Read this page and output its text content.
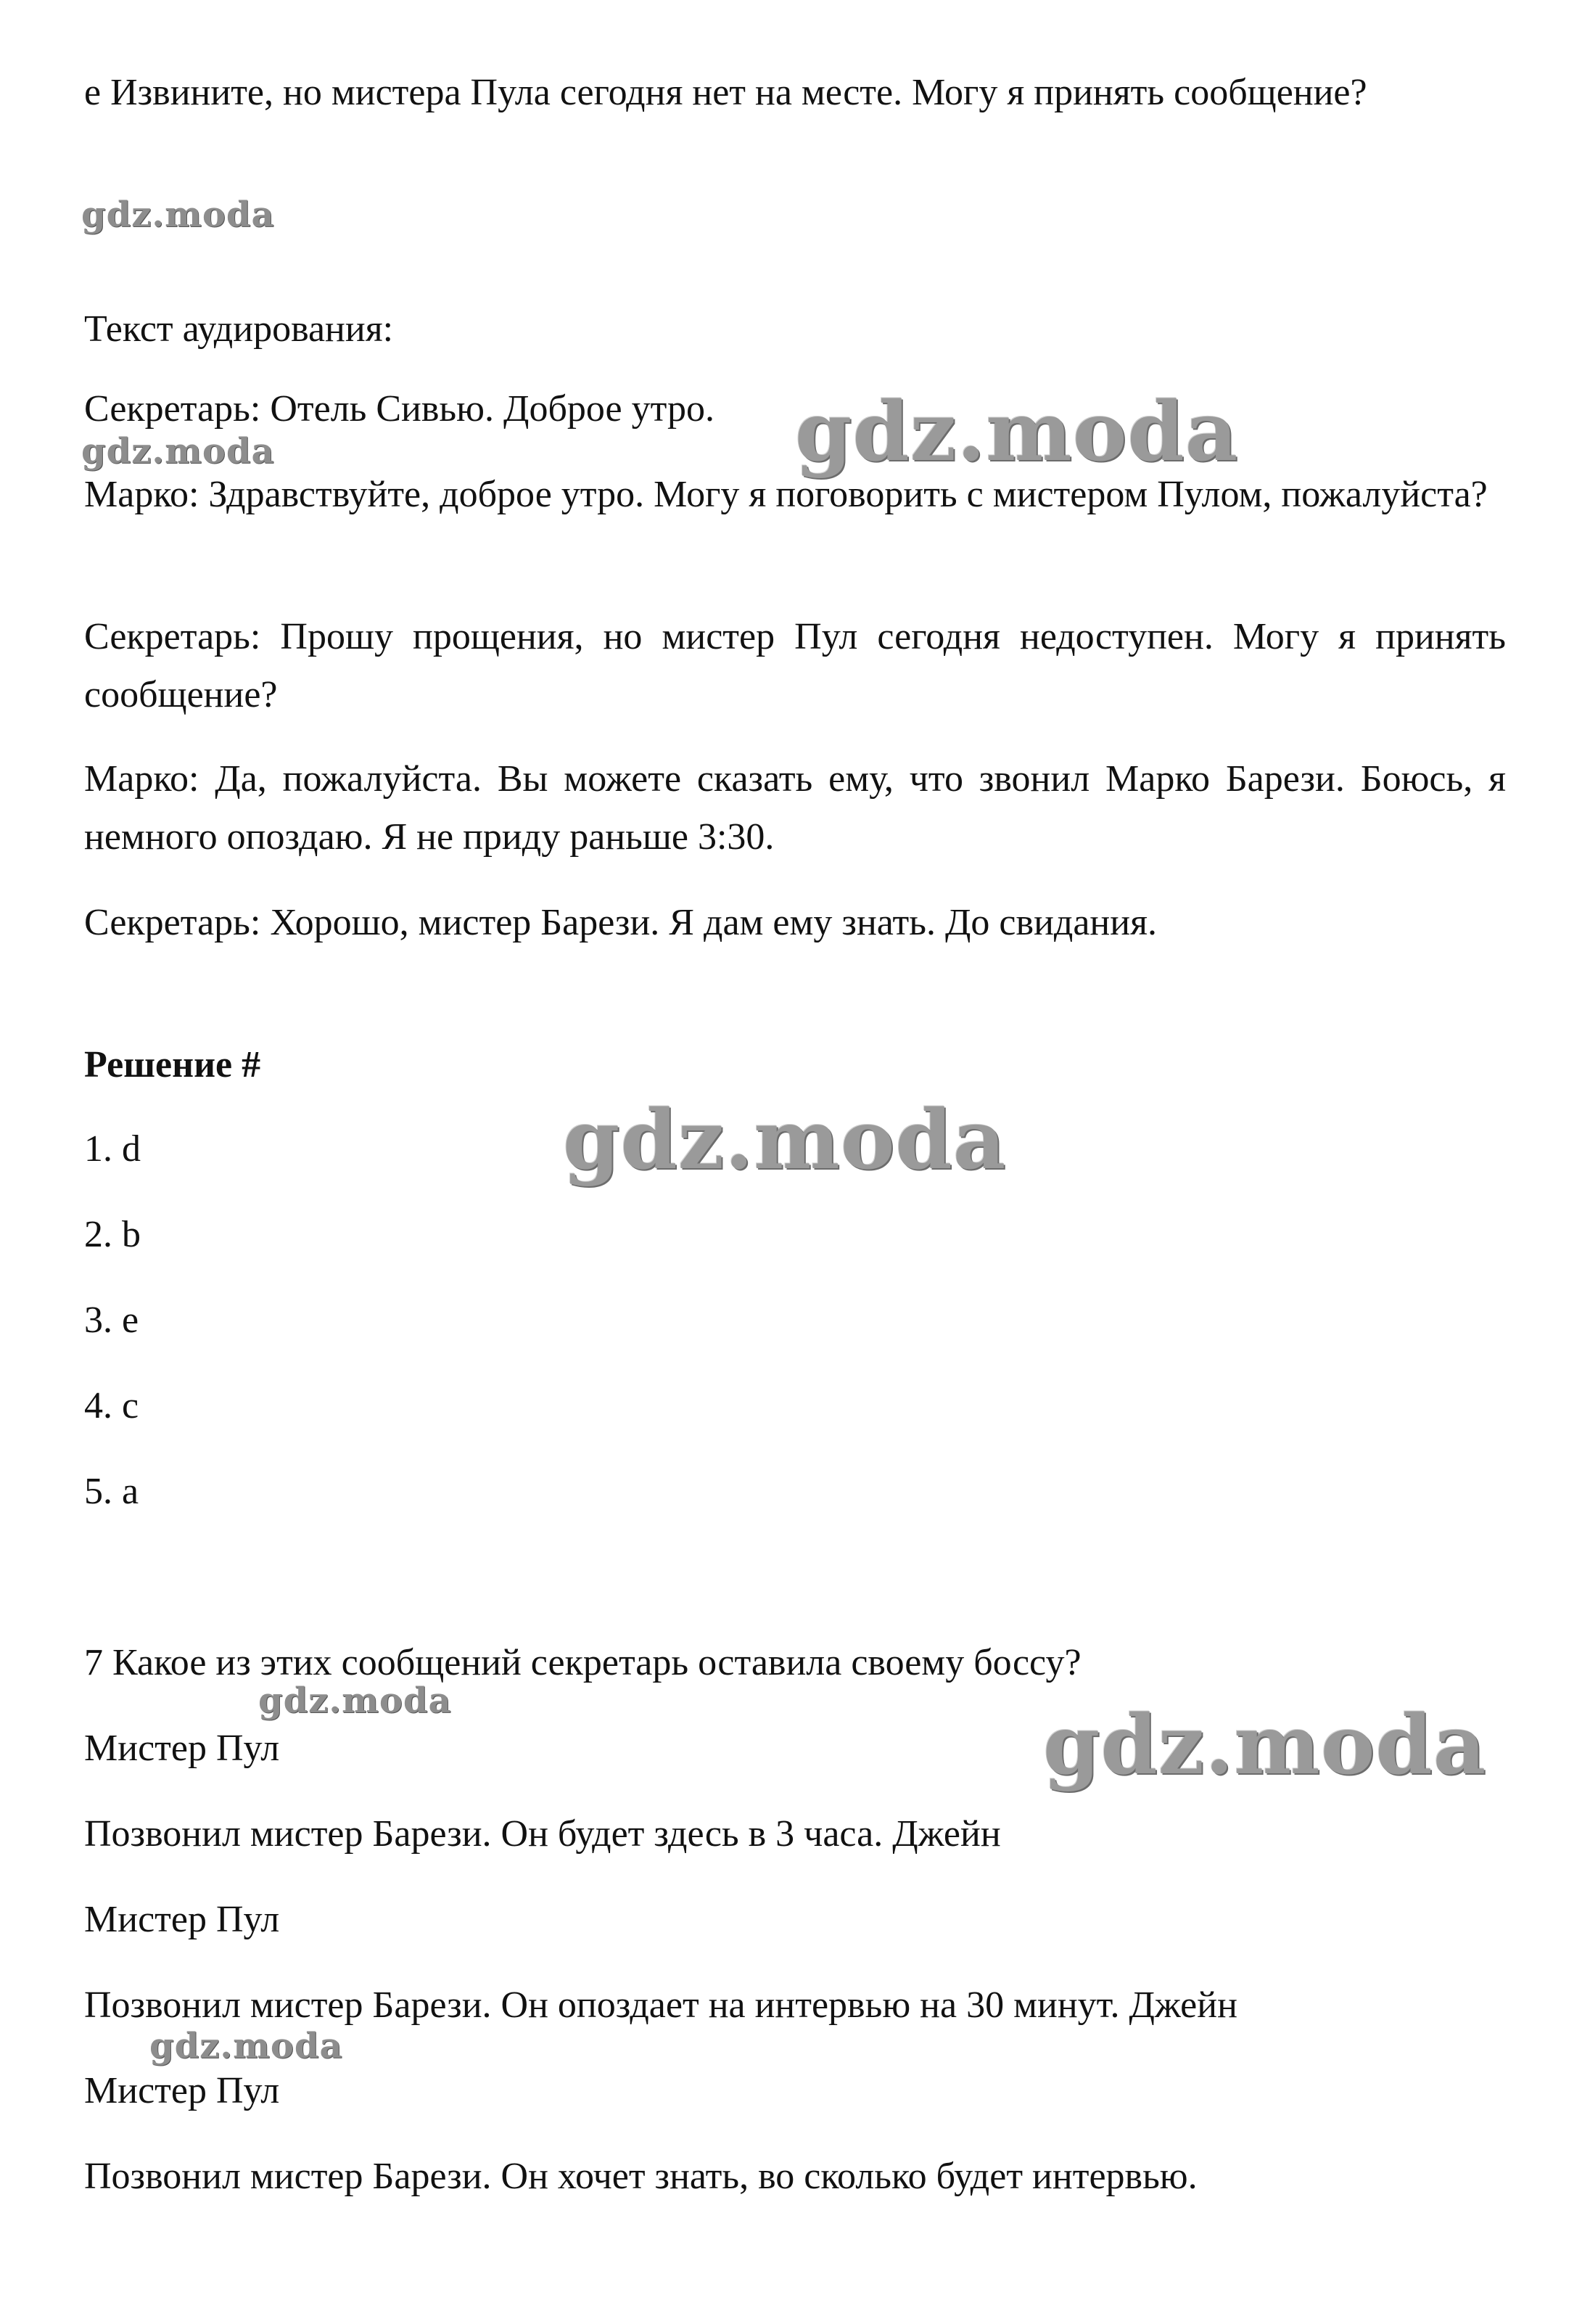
е Извините, но мистера Пула сегодня нет на месте. Могу я принять сообщение?

Текст аудирования:

Секретарь: Отель Сивью. Доброе утро.

Марко: Здравствуйте, доброе утро. Могу я поговорить с мистером Пулом, пожалуйста?

Секретарь: Прошу прощения, но мистер Пул сегодня недоступен. Могу я принять сообщение?

Марко: Да, пожалуйста. Вы можете сказать ему, что звонил Марко Барези. Боюсь, я немного опоздаю. Я не приду раньше 3:30.

Секретарь: Хорошо, мистер Барези. Я дам ему знать. До свидания.

Решение #

1. d

2. b

3. e

4. c

5. a

7 Какое из этих сообщений секретарь оставила своему боссу?

Мистер Пул

Позвонил мистер Барези. Он будет здесь в 3 часа. Джейн

Мистер Пул

Позвонил мистер Барези. Он опоздает на интервью на 30 минут. Джейн

Мистер Пул

Позвонил мистер Барези. Он хочет знать, во сколько будет интервью.

gdz.moda
gdz.moda	gdz.moda
gdz.moda
gdz.moda	gdz.moda
gdz.moda
